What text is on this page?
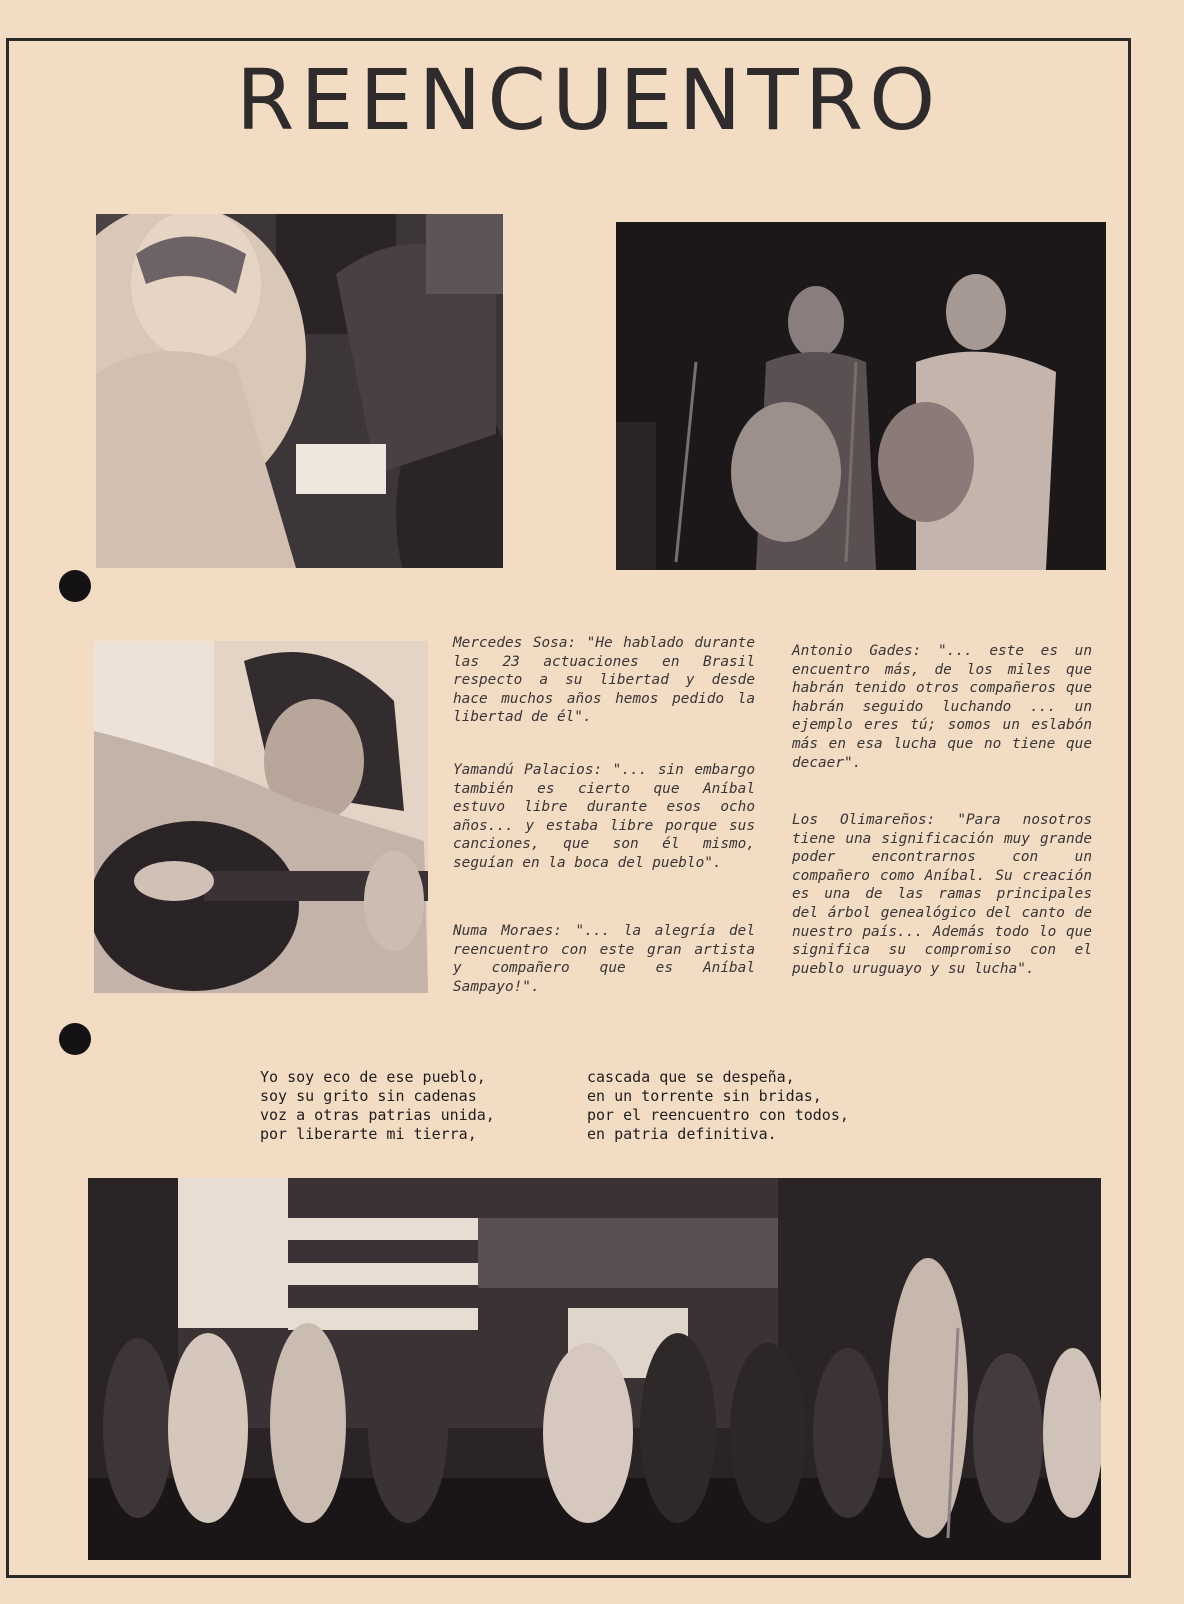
REENCUENTRO

Mercedes Sosa: "He hablado durante las 23 actuaciones en Brasil respecto a su libertad y desde hace muchos años hemos pedido la libertad de él".

Yamandú Palacios: "... sin embargo también es cierto que Aníbal estuvo libre durante esos ocho años... y estaba libre porque sus canciones, que son él mismo, seguían en la boca del pueblo".

Numa Moraes: "... la alegría del reencuentro con este gran artista y compañero que es Aníbal Sampayo!".

Antonio Gades: "... este es un encuentro más, de los miles que habrán tenido otros compañeros que habrán seguido luchando ... un ejemplo eres tú; somos un eslabón más en esa lucha que no tiene que decaer".

Los Olimareños: "Para nosotros tiene una significación muy grande poder encontrarnos con un compañero como Aníbal. Su creación es una de las ramas principales del árbol genealógico del canto de nuestro país... Además todo lo que significa su compromiso con el pueblo uruguayo y su lucha".

Yo soy eco de ese pueblo,
soy su grito sin cadenas
voz a otras patrias unida,
por liberarte mi tierra,
cascada que se despeña,
en un torrente sin bridas,
por el reencuentro con todos,
en patria definitiva.
